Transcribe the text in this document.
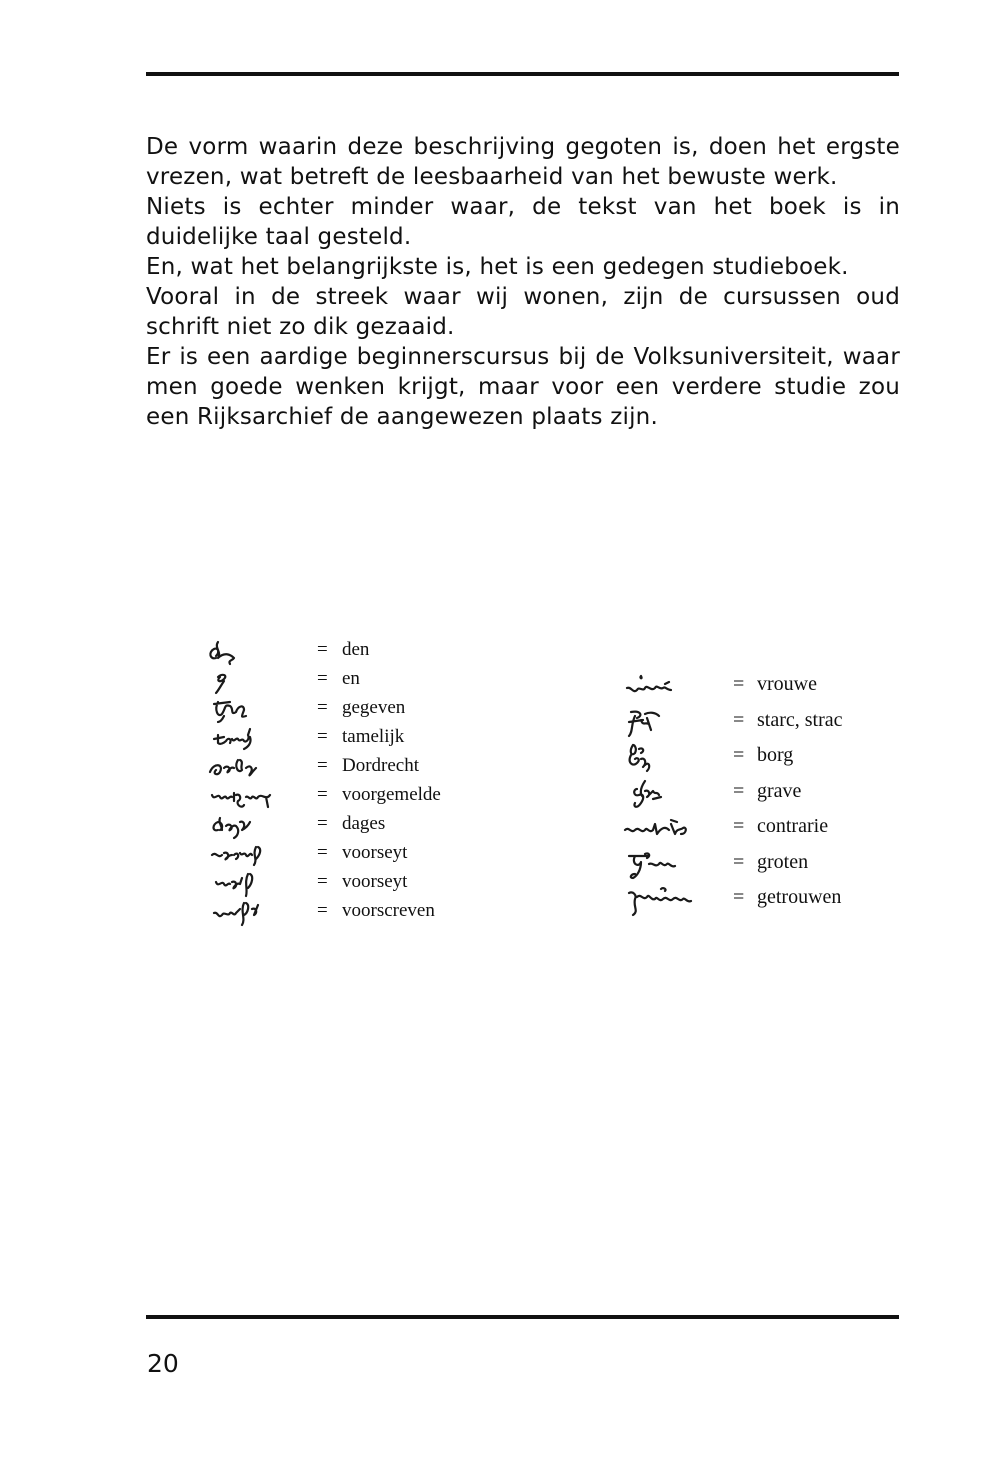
De vorm waarin deze beschrijving gegoten is, doen het ergste vrezen, wat betreft de leesbaarheid van het bewuste werk.

Niets is echter minder waar, de tekst van het boek is in duidelijke taal gesteld.

En, wat het belangrijkste is, het is een gedegen studieboek.

Vooral in de streek waar wij wonen, zijn de cursussen oud schrift niet zo dik gezaaid.

Er is een aardige beginnerscursus bij de Volksuniversiteit, waar men goede wenken krijgt, maar voor een verdere studie zou een Rijksarchief de aangewezen plaats zijn.

= den
= en
= gegeven
= tamelijk
= Dordrecht
= voorgemelde
= dages
= voorseyt
= voorseyt
= voorscreven
= vrouwe
= starc, strac
= borg
= grave
= contrarie
= groten
= getrouwen
20
